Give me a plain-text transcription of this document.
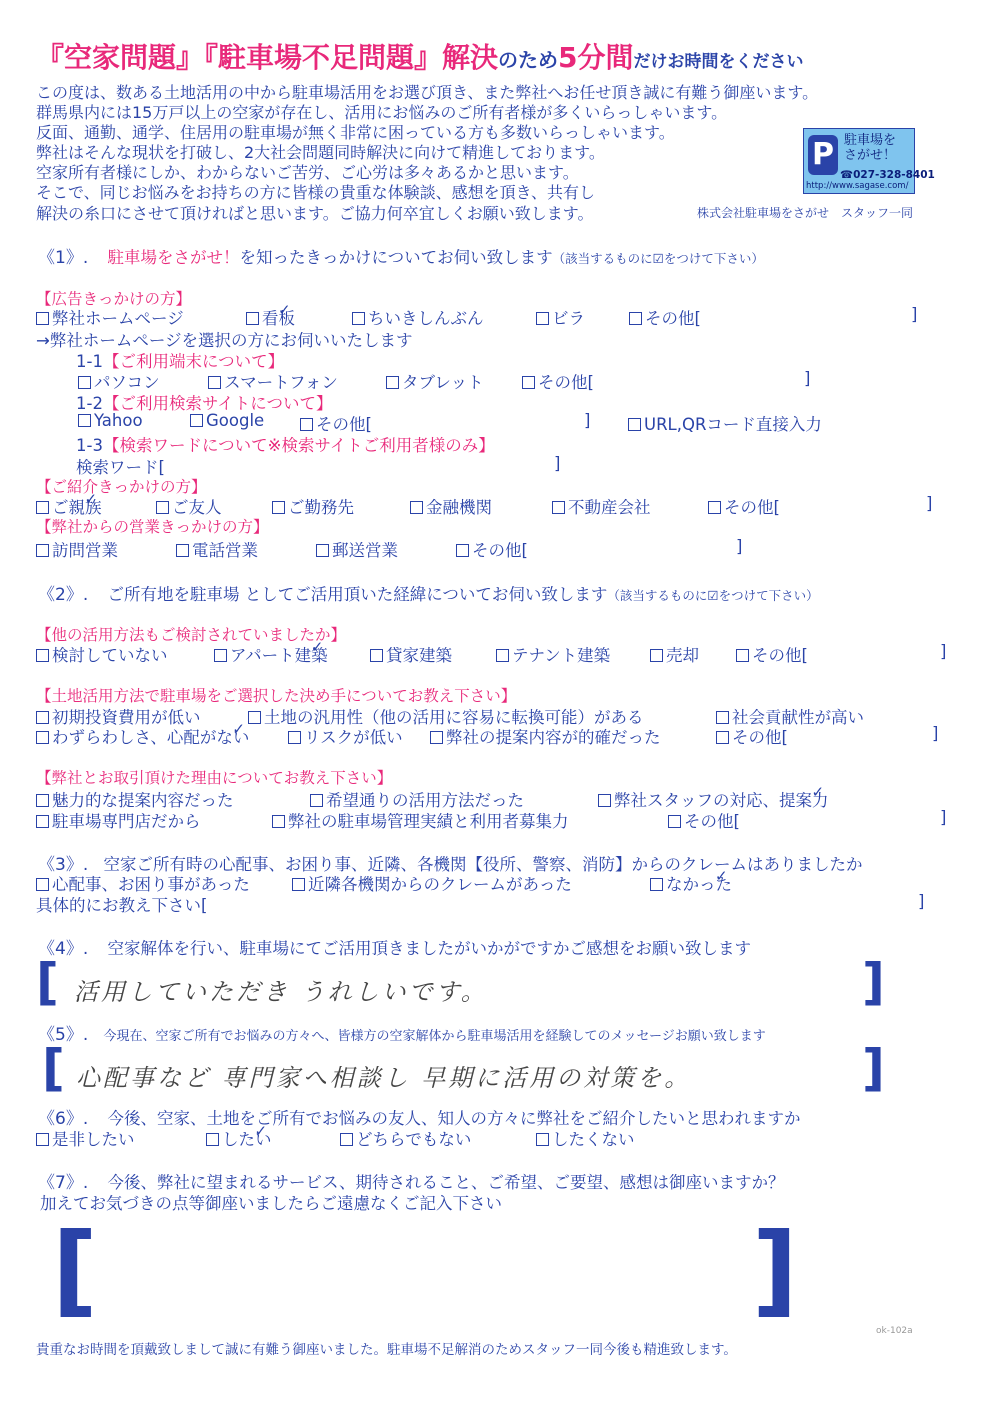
『空家問題』『駐車場不足問題』解決のため5分間だけお時間をください
この度は、数ある土地活用の中から駐車場活用をお選び頂き、また弊社へお任せ頂き誠に有難う御座います。
群馬県内には15万戸以上の空家が存在し、活用にお悩みのご所有者様が多くいらっしゃいます。
反面、通勤、通学、住居用の駐車場が無く非常に困っている方も多数いらっしゃいます。
弊社はそんな現状を打破し、2大社会問題同時解決に向けて精進しております。
空家所有者様にしか、わからないご苦労、ご心労は多々あるかと思います。
そこで、同じお悩みをお持ちの方に皆様の貴重な体験談、感想を頂き、共有し
解決の糸口にさせて頂ければと思います。ご協力何卒宜しくお願い致します。	株式会社駐車場をさがせ　スタッフ一同
P 駐車場を
さがせ！
☎027-328-8401
http://www.sagase.com/
《1》. 駐車場をさがせ！を知ったきっかけについてお伺い致します（該当するものに☑をつけて下さい）
【広告きっかけの方】
弊社ホームページ	看板 ✓	ちいきしんぶん	ビラ	その他[	]
→弊社ホームページを選択の方にお伺いいたします
1-1【ご利用端末について】
パソコン	スマートフォン	タブレット	その他[	]
1-2【ご利用検索サイトについて】
Yahoo	Google	その他[	]	URL,QRコード直接入力
1-3【検索ワードについて※検索サイトご利用者様のみ】
検索ワード[	]
【ご紹介きっかけの方】
ご親族 ✓	ご友人	ご勤務先	金融機関	不動産会社	その他[	]
【弊社からの営業きっかけの方】
訪問営業	電話営業	郵送営業	その他[	]
《2》. ご所有地を駐車場 としてご活用頂いた経緯についてお伺い致します（該当するものに☑をつけて下さい）
【他の活用方法もご検討されていましたか】
検討していない	アパート建築 ✓	貸家建築	テナント建築	売却	その他[	]
【土地活用方法で駐車場をご選択した決め手についてお教え下さい】
初期投資費用が低い	土地の汎用性（他の活用に容易に転換可能）がある	社会貢献性が高い
わずらわしさ、心配がない ✓	リスクが低い	弊社の提案内容が的確だった	その他[	]
【弊社とお取引頂けた理由についてお教え下さい】
魅力的な提案内容だった	希望通りの活用方法だった	弊社スタッフの対応、提案力 ✓
駐車場専門店だから	弊社の駐車場管理実績と利用者募集力	その他[	]
《3》. 空家ご所有時の心配事、お困り事、近隣、各機関【役所、警察、消防】からのクレームはありましたか
心配事、お困り事があった	近隣各機関からのクレームがあった	なかった ✓
具体的にお教え下さい[	]
《4》. 空家解体を行い、駐車場にてご活用頂きましたがいかがですかご感想をお願い致します
[ 活用していただき うれしいです。	]
《5》. 今現在、空家ご所有でお悩みの方々へ、皆様方の空家解体から駐車場活用を経験してのメッセージお願い致します
[ 心配事など 専門家へ相談し 早期に活用の対策を。	]
《6》. 今後、空家、土地をご所有でお悩みの友人、知人の方々に弊社をご紹介したいと思われますか
是非したい	したい ✓	どちらでもない	したくない
《7》. 今後、弊社に望まれるサービス、期待されること、ご希望、ご要望、感想は御座いますか？
加えてお気づきの点等御座いましたらご遠慮なくご記入下さい
[	]
貴重なお時間を頂戴致しまして誠に有難う御座いました。駐車場不足解消のためスタッフ一同今後も精進致します。
ok-102a
